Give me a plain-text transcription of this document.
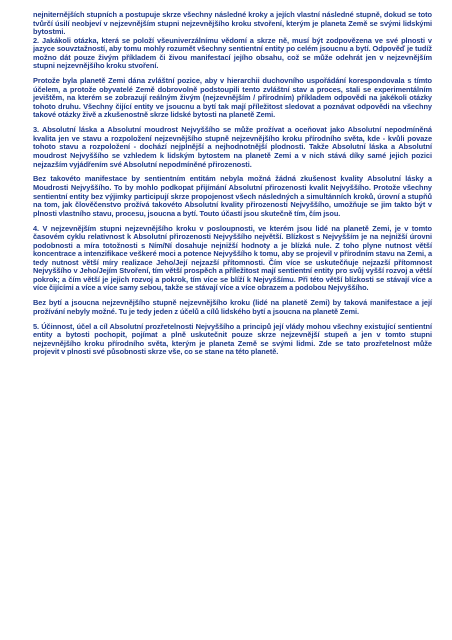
nejniternějších stupních a postupuje skrze všechny následné kroky a jejích vlastní následné stupně, dokud se toto tvůrčí úsilí neobjeví v nejzevnějším stupni nejzevnějšího kroku stvoření, kterým je planeta Země se svými lidskými bytostmi.
2. Jakákoli otázka, která se položí všeuniverzálnímu vědomí a skrze ně, musí být zodpovězena ve své plnosti v jazyce souvztažností, aby tomu mohly rozumět všechny sentientní entity po celém jsoucnu a bytí. Odpověď je tudíž možno dát pouze živým příkladem či živou manifestací jejího obsahu, což se může odehrát jen v nejzevnějším stupni nejzevnějšího kroku stvoření.

Protože byla planetě Zemi dána zvláštní pozice, aby v hierarchii duchovního uspořádání korespondovala s tímto účelem, a protože obyvatelé Země dobrovolně podstoupili tento zvláštní stav a proces, stali se experimentálním jevištěm, na kterém se zobrazují reálným živým (nejzevnějším / přírodním) příkladem odpovědi na jakékoli otázky tohoto druhu. Všechny čijící entity ve jsoucnu a bytí tak mají příležitost sledovat a poznávat odpovědi na všechny takové otázky živě a zkušenostně skrze lidské bytosti na planetě Zemi.

3. Absolutní láska a Absolutní moudrost Nejvyššího se může prožívat a oceňovat jako Absolutní nepodmíněná kvalita jen ve stavu a rozpoložení nejzevnějšího stupně nejzevnějšího kroku přírodního světa, kde - kvůli povaze tohoto stavu a rozpoložení - dochází nejplnější a nejhodnotnější plodnosti. Takže Absolutní láska a Absolutní moudrost Nejvyššího se vzhledem k lidským bytostem na planetě Zemi a v nich stává díky samé jejich pozici nejzazším vyjádřením své Absolutní nepodmíněné přirozenosti.

Bez takovéto manifestace by sentientním entitám nebyla možná žádná zkušenost kvality Absolutní lásky a Moudrosti Nejvyššího. To by mohlo podkopat přijímání Absolutní přirozenosti kvalit Nejvyššího. Protože všechny sentientní entity bez výjimky participují skrze propojenost všech následných a simultánních kroků, úrovní a stupňů na tom, jak člověčenstvo prožívá takovéto Absolutní kvality přirozenosti Nejvyššího, umožňuje se jim takto být v plnosti vlastního stavu, procesu, jsoucna a bytí. Touto účastí jsou skutečně tím, čím jsou.

4. V nejzevnějším stupni nejzevnějšího kroku v posloupnosti, ve kterém jsou lidé na planetě Zemi, je v tomto časovém cyklu relativnost k Absolutní přirozenosti Nejvyššího největší. Blízkost s Nejvyšším je na nejnižší úrovni podobnosti a míra totožnosti s Ním/Ní dosahuje nejnižší hodnoty a je blízká nule. Z toho plyne nutnost větší koncentrace a intenzifikace veškeré moci a potence Nejvyššího k tomu, aby se projevil v přírodním stavu na Zemi, a tedy nutnost větší míry realizace Jeho/Její nejzazší přítomnosti. Čím více se uskutečňuje nejzazší přítomnost Nejvyššího v Jeho/Jejím Stvoření, tím větší prospěch a příležitost mají sentientní entity pro svůj vyšší rozvoj a větší pokrok; a čím větší je jejich rozvoj a pokrok, tím více se blíží k Nejvyššímu. Při této větší blízkosti se stávají více a více čijícími a více a více samy sebou, takže se stávají více a více obrazem a podobou Nejvyššího.

Bez bytí a jsoucna nejzevnějšího stupně nejzevnějšího kroku (lidé na planetě Zemi) by taková manifestace a její prožívání nebyly možné. Tu je tedy jeden z účelů a cílů lidského bytí a jsoucna na planetě Zemi.

5. Účinnost, účel a cíl Absolutní prozřetelnosti Nejvyššího a principů její vlády mohou všechny existující sentientní entity a bytosti pochopit, pojímat a plně uskutečnit pouze skrze nejzevnější stupeň a jen v tomto stupni nejzevnějšího kroku přírodního světa, kterým je planeta Země se svými lidmi. Zde se tato prozřetelnost může projevit v plnosti své působnosti skrze vše, co se stane na této planetě.
